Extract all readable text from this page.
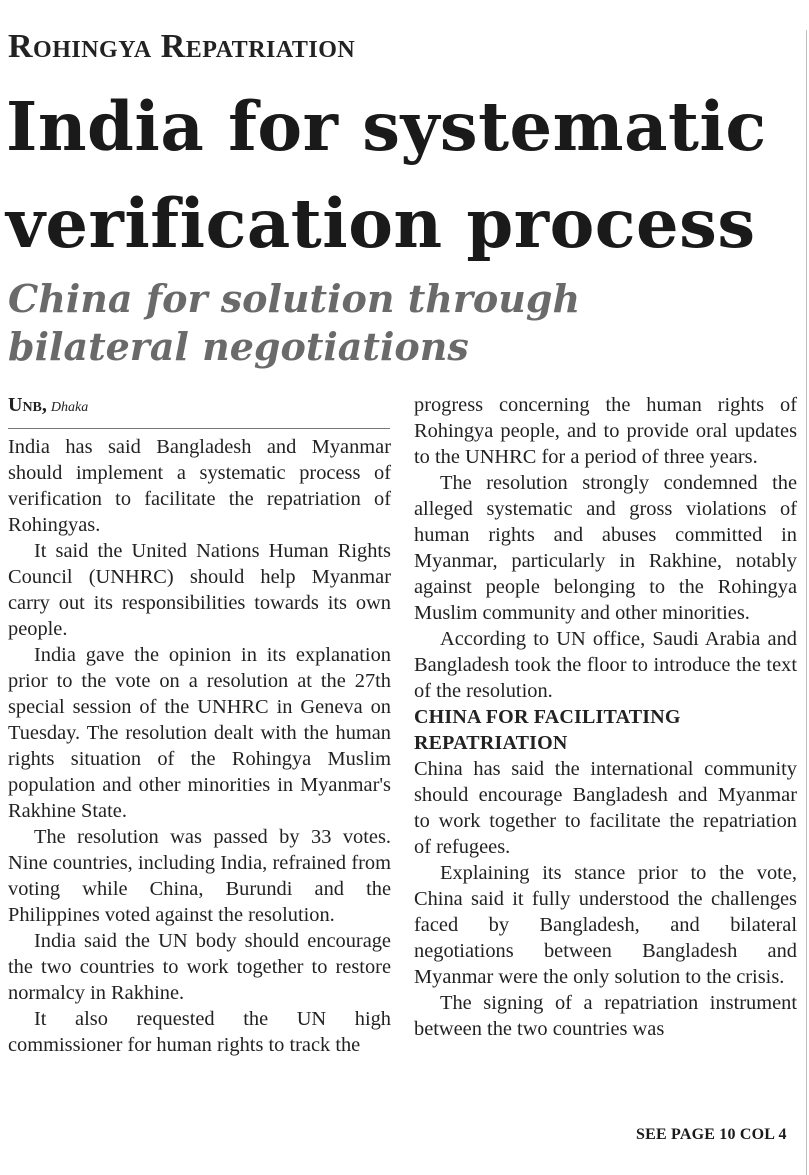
Rohingya Repatriation
India for systematic
verification process
China for solution through
bilateral negotiations
Unb, Dhaka

India has said Bangladesh and Myanmar should implement a systematic process of verification to facilitate the repatriation of Rohingyas.

It said the United Nations Human Rights Council (UNHRC) should help Myanmar carry out its responsibilities towards its own people.

India gave the opinion in its explanation prior to the vote on a resolution at the 27th special session of the UNHRC in Geneva on Tuesday. The resolution dealt with the human rights situation of the Rohingya Muslim population and other minorities in Myanmar's Rakhine State.

The resolution was passed by 33 votes. Nine countries, including India, refrained from voting while China, Burundi and the Philippines voted against the resolution.

India said the UN body should encourage the two countries to work together to restore normalcy in Rakhine.

It also requested the UN high commissioner for human rights to track the

progress concerning the human rights of Rohingya people, and to provide oral updates to the UNHRC for a period of three years.

The resolution strongly condemned the alleged systematic and gross violations of human rights and abuses committed in Myanmar, particularly in Rakhine, notably against people belonging to the Rohingya Muslim community and other minorities.

According to UN office, Saudi Arabia and Bangladesh took the floor to introduce the text of the resolution.

CHINA FOR FACILITATING REPATRIATION

China has said the international community should encourage Bangladesh and Myanmar to work together to facilitate the repatriation of refugees.

Explaining its stance prior to the vote, China said it fully understood the challenges faced by Bangladesh, and bilateral negotiations between Bangladesh and Myanmar were the only solution to the crisis.

The signing of a repatriation instrument between the two countries was

SEE PAGE 10 COL 4
